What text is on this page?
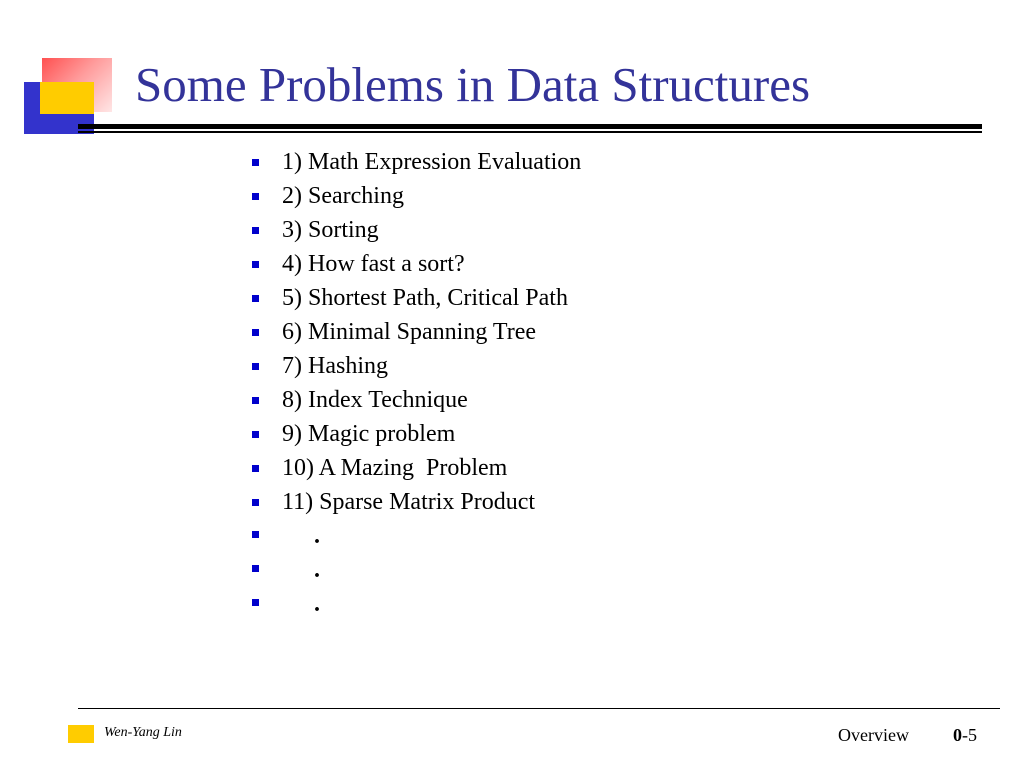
Some Problems in Data Structures
1) Math Expression Evaluation
2) Searching
3) Sorting
4) How fast a sort?
5) Shortest Path, Critical Path
6) Minimal Spanning Tree
7) Hashing
8) Index Technique
9) Magic problem
10) A Mazing  Problem
11) Sparse Matrix Product
.
.
.
Wen-Yang Lin	Overview 0-5
